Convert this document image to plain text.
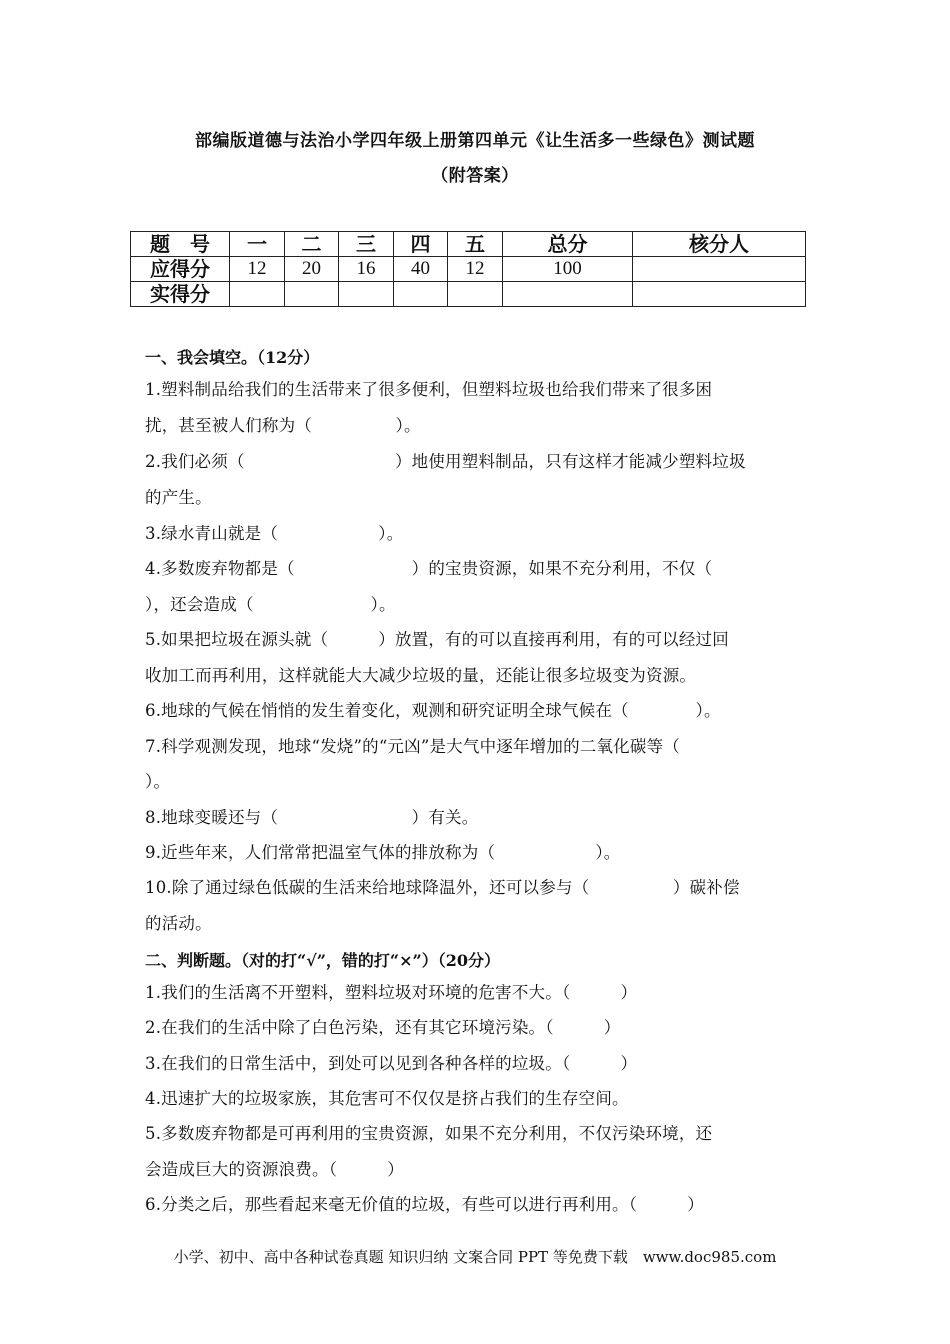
部编版道德与法治小学四年级上册第四单元《让生活多一些绿色》测试题
（附答案）
题　号	一	二	三	四	五	总分	核分人
应得分	12	20	16	40	12	100	
实得分							
一、我会填空。（12分）
1.塑料制品给我们的生活带来了很多便利，但塑料垃圾也给我们带来了很多困
扰，甚至被人们称为（　　　　　）。
2.我们必须（　　　　　　　　　）地使用塑料制品，只有这样才能减少塑料垃圾
的产生。
3.绿水青山就是（　　　　　　）。
4.多数废弃物都是（　　　　　　　）的宝贵资源，如果不充分利用，不仅（
），还会造成（　　　　　　　）。
5.如果把垃圾在源头就（　　　）放置，有的可以直接再利用，有的可以经过回
收加工而再利用，这样就能大大减少垃圾的量，还能让很多垃圾变为资源。
6.地球的气候在悄悄的发生着变化，观测和研究证明全球气候在（　　　　）。
7.科学观测发现，地球“发烧”的“元凶”是大气中逐年增加的二氧化碳等（
）。
8.地球变暖还与（　　　　　　　　）有关。
9.近些年来，人们常常把温室气体的排放称为（　　　　　　）。
10.除了通过绿色低碳的生活来给地球降温外，还可以参与（　　　　　）碳补偿
的活动。
二、判断题。（对的打“√”，错的打“×”）（20分）
1.我们的生活离不开塑料，塑料垃圾对环境的危害不大。（　　　）
2.在我们的生活中除了白色污染，还有其它环境污染。（　　　）
3.在我们的日常生活中，到处可以见到各种各样的垃圾。（　　　）
4.迅速扩大的垃圾家族，其危害可不仅仅是挤占我们的生存空间。
5.多数废弃物都是可再利用的宝贵资源，如果不充分利用，不仅污染环境，还
会造成巨大的资源浪费。（　　　）
6.分类之后，那些看起来毫无价值的垃圾，有些可以进行再利用。（　　　）
小学、初中、高中各种试卷真题 知识归纳 文案合同 PPT 等免费下载　www.doc985.com
